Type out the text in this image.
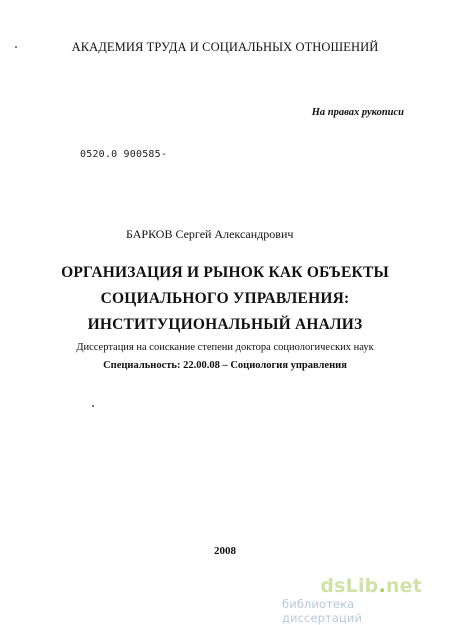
АКАДЕМИЯ ТРУДА И СОЦИАЛЬНЫХ ОТНОШЕНИЙ
На правах рукописи
0520.0 900585-
БАРКОВ Сергей Александрович
ОРГАНИЗАЦИЯ И РЫНОК КАК ОБЪЕКТЫ
СОЦИАЛЬНОГО УПРАВЛЕНИЯ:
ИНСТИТУЦИОНАЛЬНЫЙ АНАЛИЗ
Диссертация на соискание степени доктора социологических наук
Специальность: 22.00.08 – Социология управления
2008
dsLib.net
библиотека диссертаций
